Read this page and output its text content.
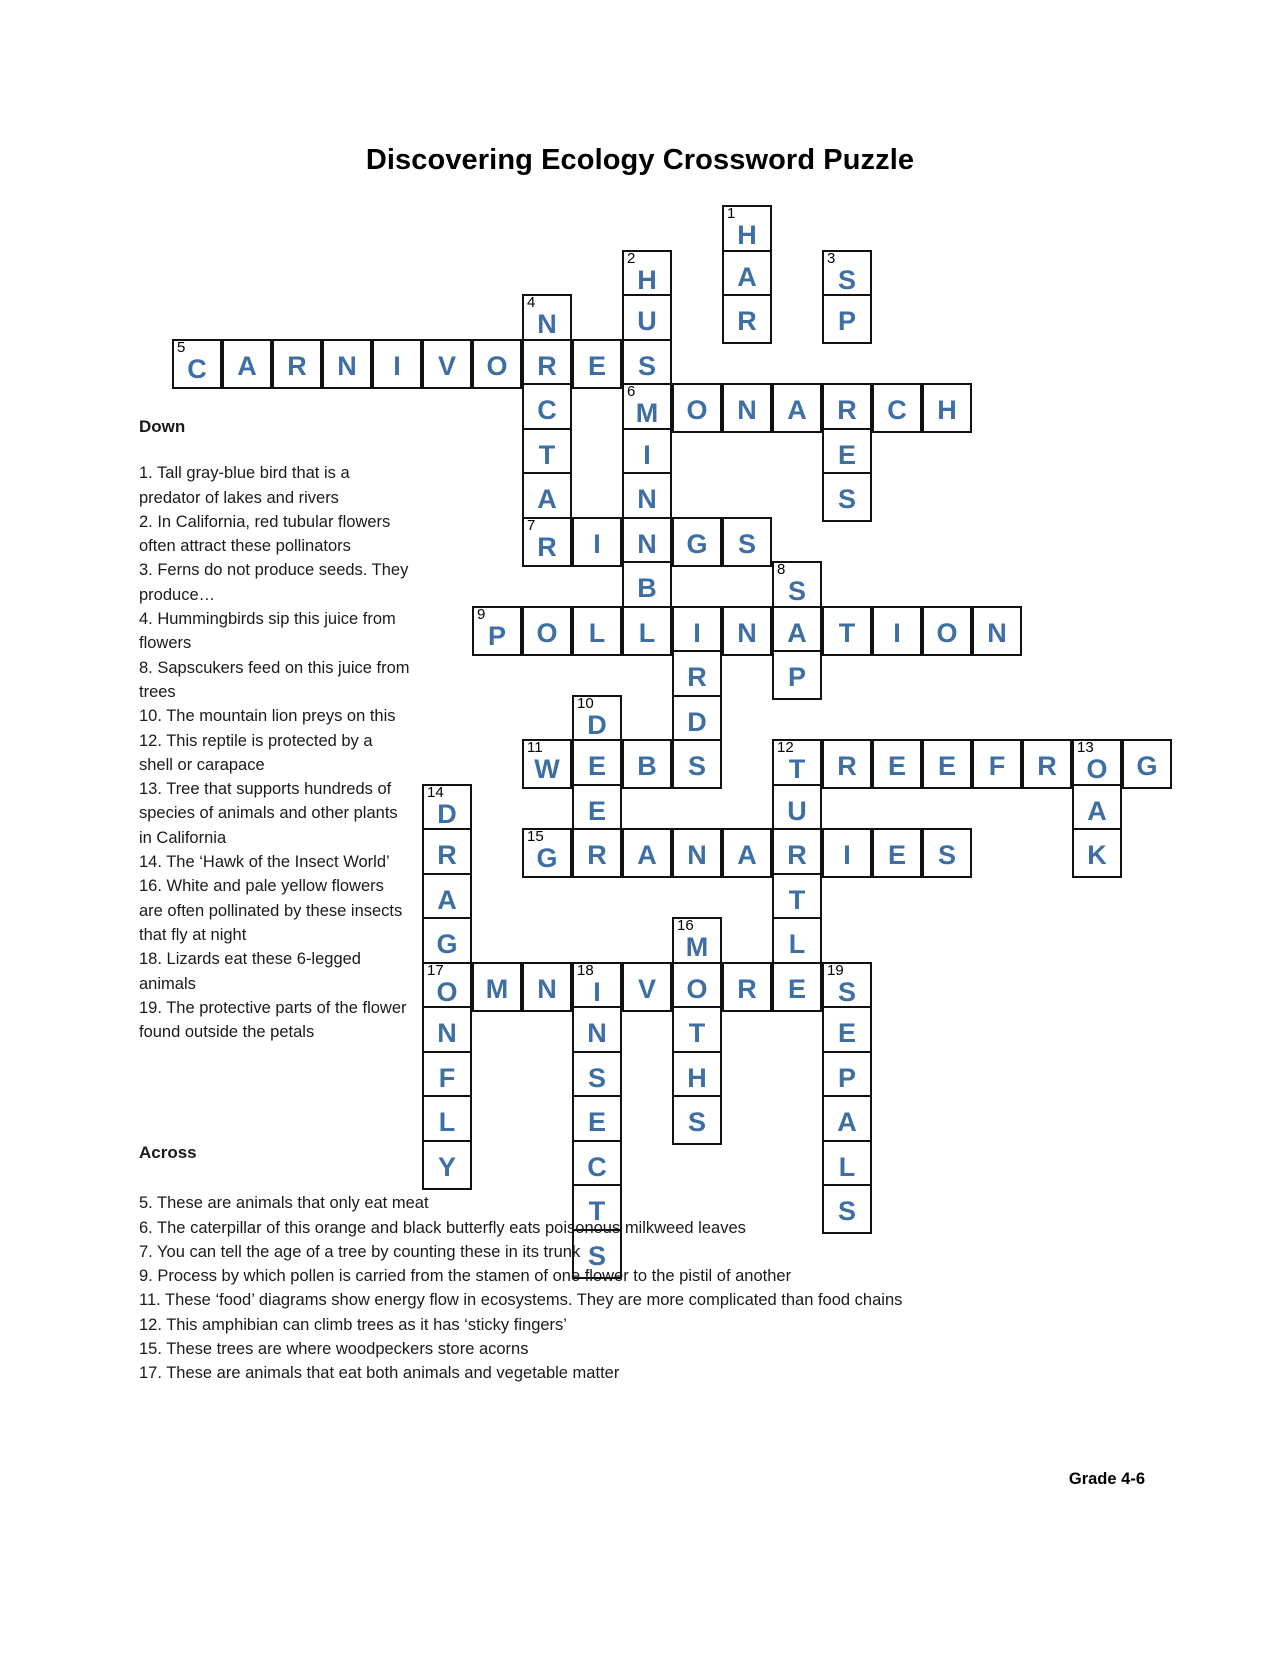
Discovering Ecology Crossword Puzzle
1
H
2
H	A
3
S
4
N	U	R	P
5
C	A	R	N	I	V	O	R	E	S
C
6
M	O	N	A	R	C	H
T	I	E
A	N	S
7
R	I	N	G	S
B
8
S
9
P	O	L	L	I	N	A	T	I	O	N
R	P
10
D	D
11
W	E	B	S
12
T	R	E	E	F	R
13
O	G
14
D	E	U	A
R
15
G	R	A	N	A	R	I	E	S	K
A	T
G
16
M	L
17
O	M	N
18
I	V	O	R	E
19
S
N	N	T	E
F	S	H	P
L	E	S	A
Y	C	L
T	S
S
Down

1. Tall gray-blue bird that is a predator of lakes and rivers

2. In California, red tubular flowers often attract these pollinators

3. Ferns do not produce seeds. They produce…

4. Hummingbirds sip this juice from flowers

8. Sapscukers feed on this juice from trees

10. The mountain lion preys on this

12. This reptile is protected by a shell or carapace

13. Tree that supports hundreds of species of animals and other plants in California

14. The ‘Hawk of the Insect World’

16. White and pale yellow flowers are often pollinated by these insects that fly at night

18. Lizards eat these 6-legged animals

19. The protective parts of the flower found outside the petals

Across

5. These are animals that only eat meat

6. The caterpillar of this orange and black butterfly eats poisonous milkweed leaves

7. You can tell the age of a tree by counting these in its trunk

9. Process by which pollen is carried from the stamen of one flower to the pistil of another

11. These ‘food’ diagrams show energy flow in ecosystems. They are more complicated than food chains

12. This amphibian can climb trees as it has ‘sticky fingers’

15. These trees are where woodpeckers store acorns

17. These are animals that eat both animals and vegetable matter

Grade 4-6
